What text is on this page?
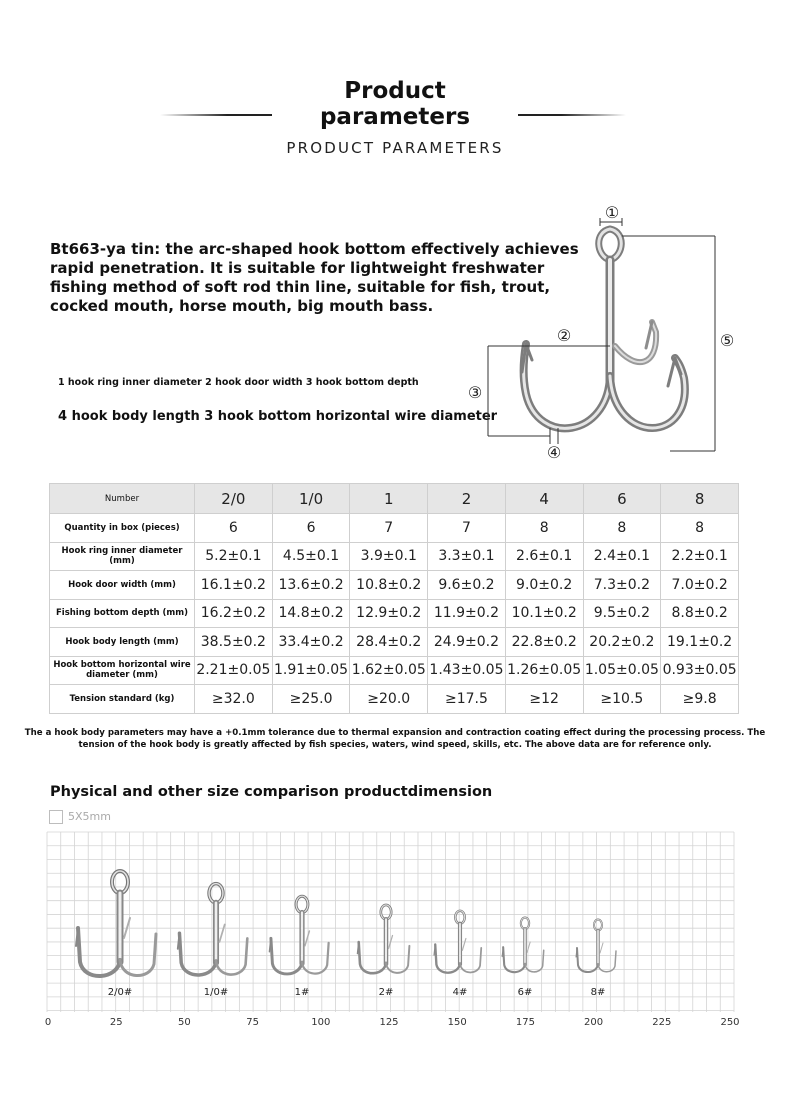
Product
parameters
PRODUCT PARAMETERS
Bt663-ya tin: the arc-shaped hook bottom effectively achieves rapid penetration. It is suitable for lightweight freshwater fishing method of soft rod thin line, suitable for fish, trout, cocked mouth, horse mouth, big mouth bass.
1 hook ring inner diameter 2 hook door width 3 hook bottom depth
4 hook body length 3 hook bottom horizontal wire diameter
①
②
③
④
⑤
Number	2/0	1/0	1	2	4	6	8
Quantity in box (pieces)	6	6	7	7	8	8	8
Hook ring inner diameter (mm)	5.2±0.1	4.5±0.1	3.9±0.1	3.3±0.1	2.6±0.1	2.4±0.1	2.2±0.1
Hook door width (mm)	16.1±0.2	13.6±0.2	10.8±0.2	9.6±0.2	9.0±0.2	7.3±0.2	7.0±0.2
Fishing bottom depth (mm)	16.2±0.2	14.8±0.2	12.9±0.2	11.9±0.2	10.1±0.2	9.5±0.2	8.8±0.2
Hook body length (mm)	38.5±0.2	33.4±0.2	28.4±0.2	24.9±0.2	22.8±0.2	20.2±0.2	19.1±0.2
Hook bottom horizontal wire diameter (mm)	2.21±0.05	1.91±0.05	1.62±0.05	1.43±0.05	1.26±0.05	1.05±0.05	0.93±0.05
Tension standard (kg)	≥32.0	≥25.0	≥20.0	≥17.5	≥12	≥10.5	≥9.8
The a hook body parameters may have a +0.1mm tolerance due to thermal expansion and contraction coating effect during the processing process. The tension of the hook body is greatly affected by fish species, waters, wind speed, skills, etc. The above data are for reference only.
Physical and other size comparison productdimension
5X5mm
2/0#	1/0#	1#	2#	4#	6#	8#
0	25	50	75	100	125	150	175	200	225	250
